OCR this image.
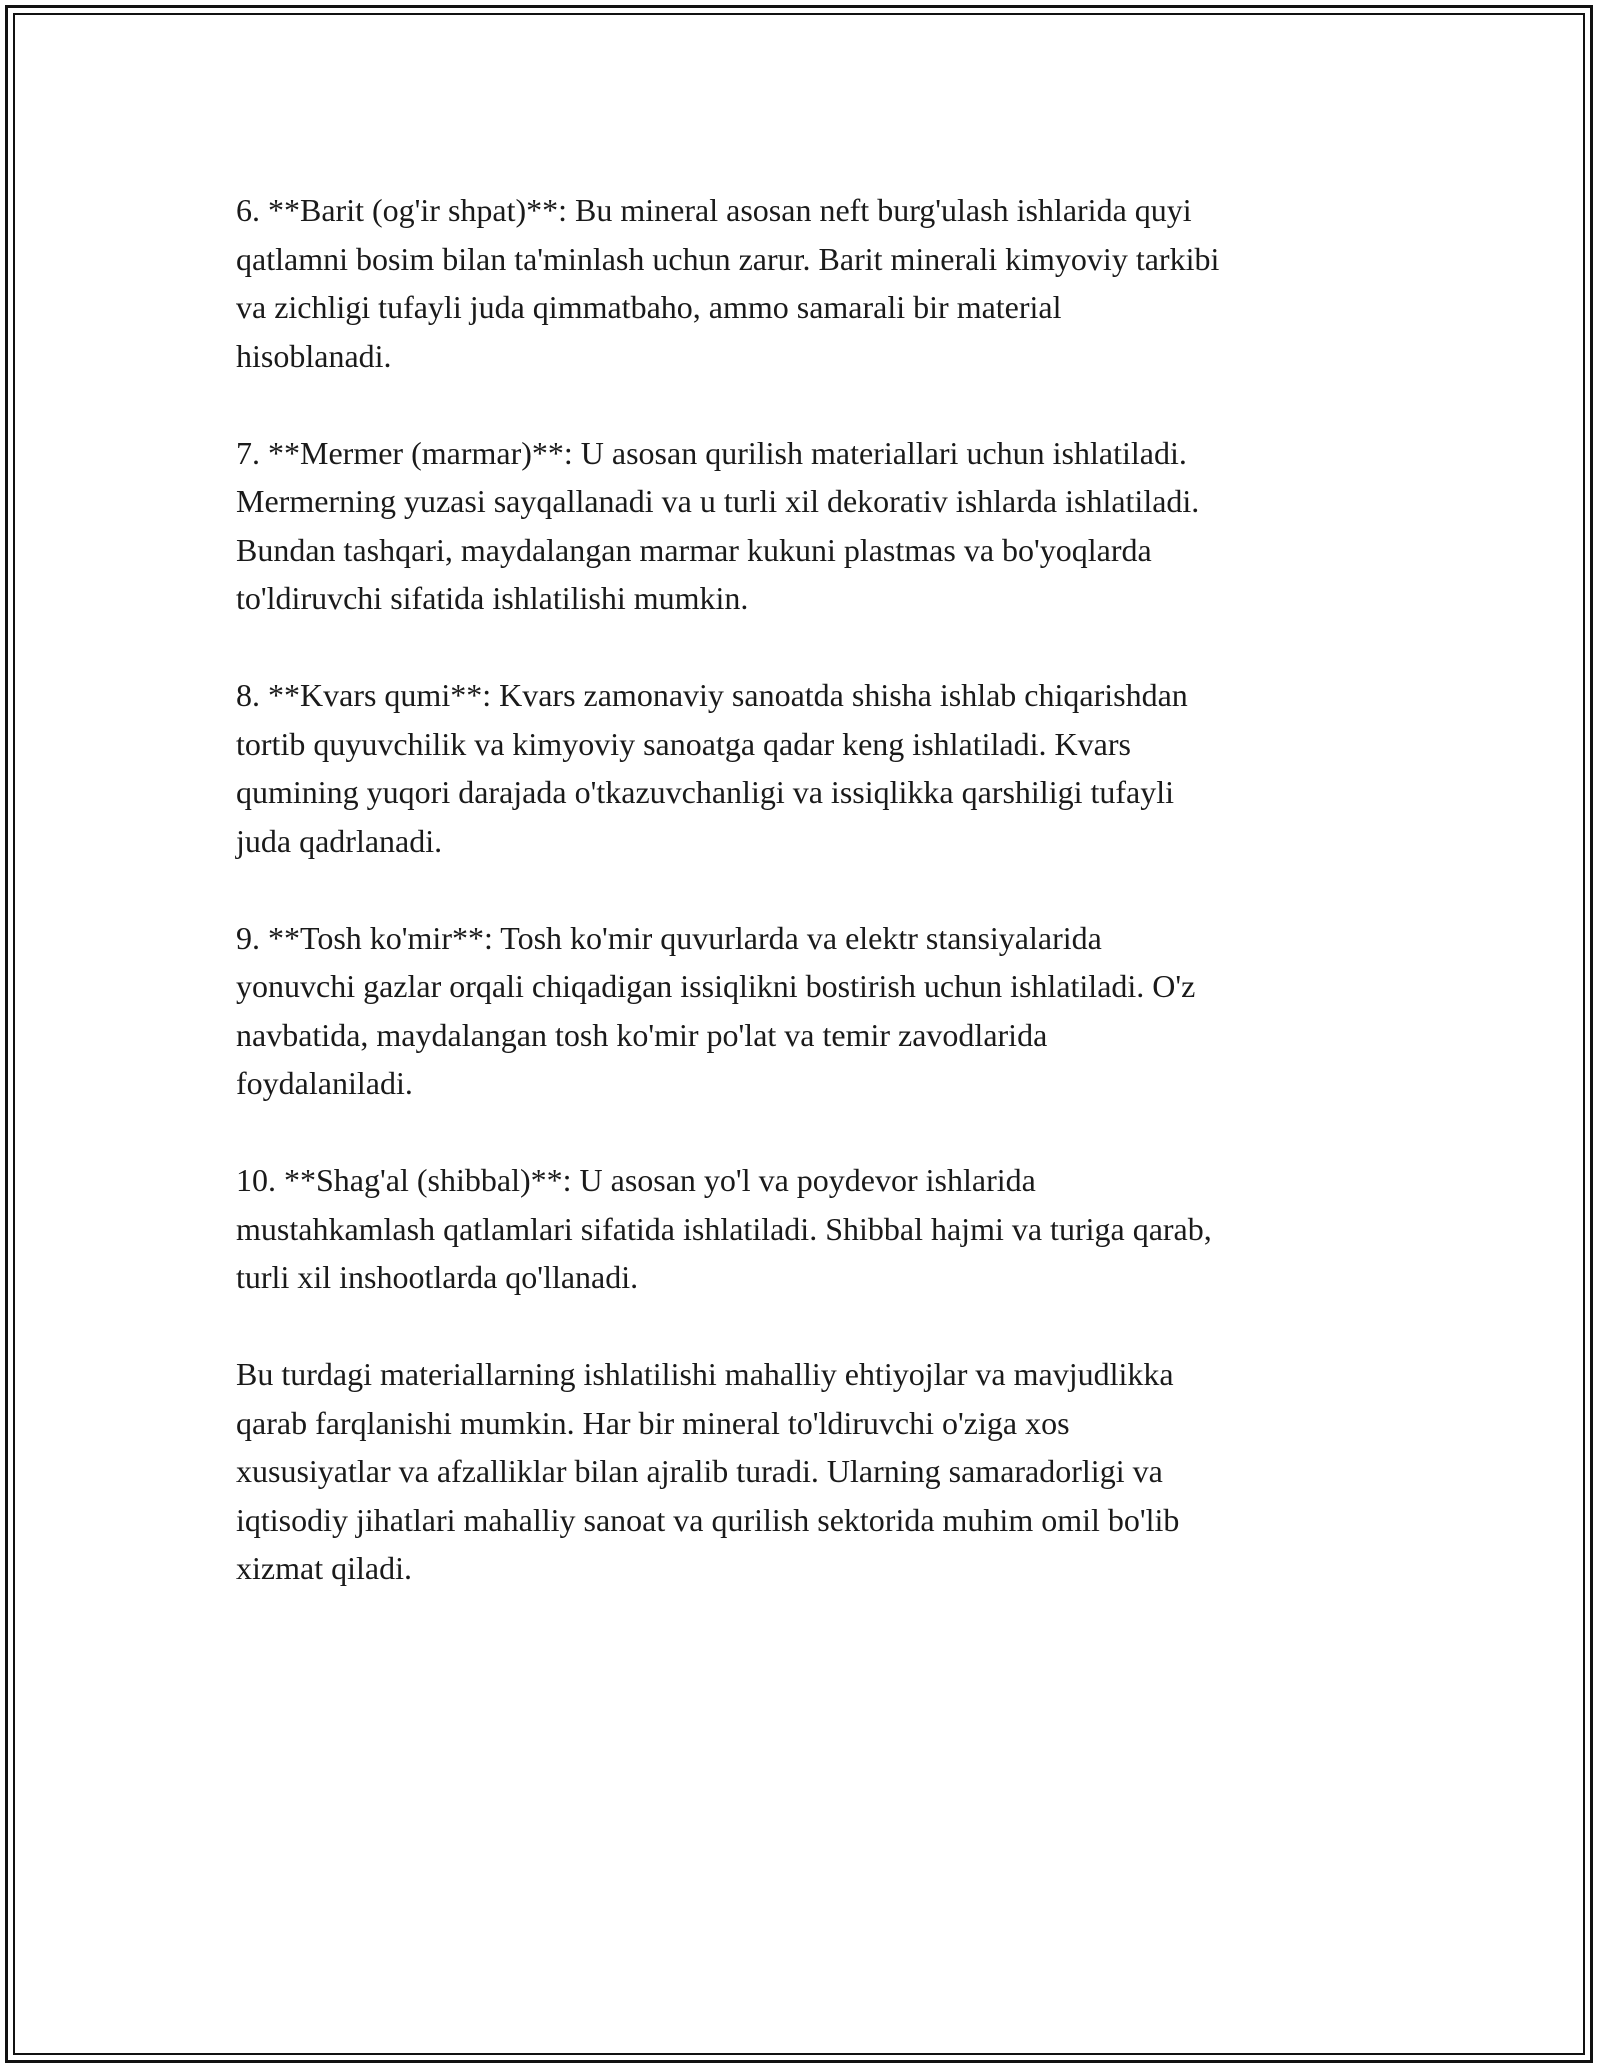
6. **Barit (og'ir shpat)**: Bu mineral asosan neft burg'ulash ishlarida quyi
qatlamni bosim bilan ta'minlash uchun zarur. Barit minerali kimyoviy tarkibi
va zichligi tufayli juda qimmatbaho, ammo samarali bir material
hisoblanadi.

7. **Mermer (marmar)**: U asosan qurilish materiallari uchun ishlatiladi.
Mermerning yuzasi sayqallanadi va u turli xil dekorativ ishlarda ishlatiladi.
Bundan tashqari, maydalangan marmar kukuni plastmas va bo'yoqlarda
to'ldiruvchi sifatida ishlatilishi mumkin.

8. **Kvars qumi**: Kvars zamonaviy sanoatda shisha ishlab chiqarishdan
tortib quyuvchilik va kimyoviy sanoatga qadar keng ishlatiladi. Kvars
qumining yuqori darajada o'tkazuvchanligi va issiqlikka qarshiligi tufayli
juda qadrlanadi.

9. **Tosh ko'mir**: Tosh ko'mir quvurlarda va elektr stansiyalarida
yonuvchi gazlar orqali chiqadigan issiqlikni bostirish uchun ishlatiladi. O'z
navbatida, maydalangan tosh ko'mir po'lat va temir zavodlarida
foydalaniladi.

10. **Shag'al (shibbal)**: U asosan yo'l va poydevor ishlarida
mustahkamlash qatlamlari sifatida ishlatiladi. Shibbal hajmi va turiga qarab,
turli xil inshootlarda qo'llanadi.

Bu turdagi materiallarning ishlatilishi mahalliy ehtiyojlar va mavjudlikka
qarab farqlanishi mumkin. Har bir mineral to'ldiruvchi o'ziga xos
xususiyatlar va afzalliklar bilan ajralib turadi. Ularning samaradorligi va
iqtisodiy jihatlari mahalliy sanoat va qurilish sektorida muhim omil bo'lib
xizmat qiladi.
